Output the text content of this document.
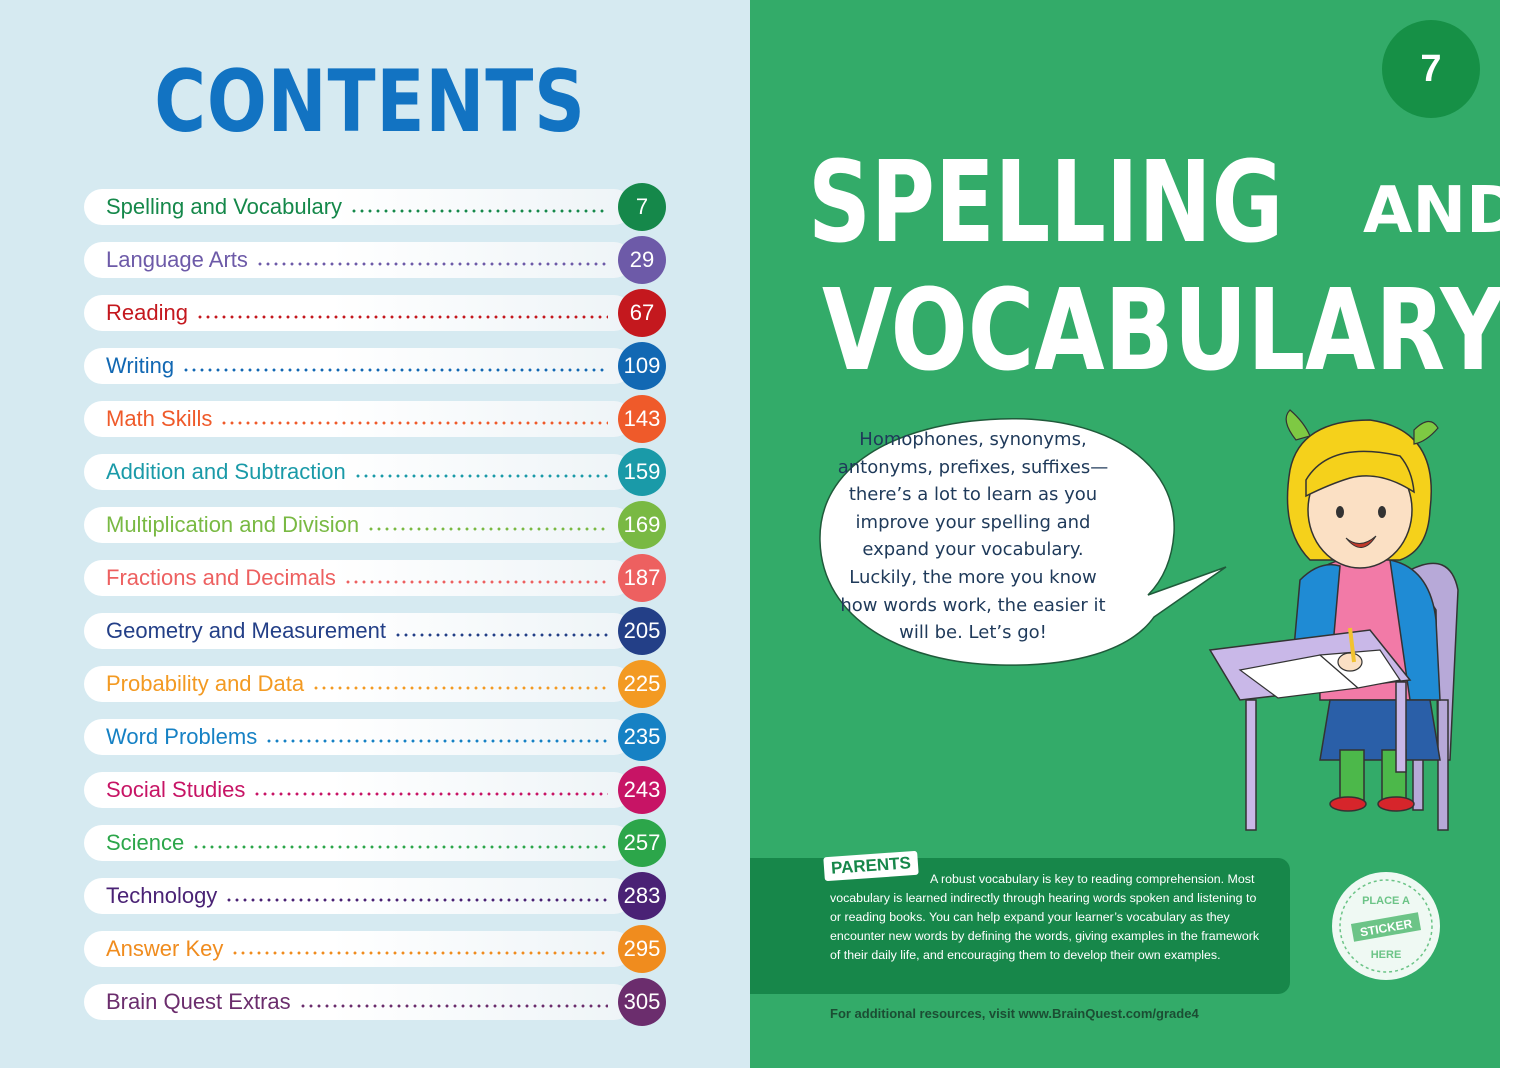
CONTENTS
Spelling and Vocabulary	7
Language Arts	29
Reading	67
Writing	109
Math Skills	143
Addition and Subtraction	159
Multiplication and Division	169
Fractions and Decimals	187
Geometry and Measurement	205
Probability and Data	225
Word Problems	235
Social Studies	243
Science	257
Technology	283
Answer Key	295
Brain Quest Extras	305
7
SPELLING AND
VOCABULARY
Homophones, synonyms, antonyms, prefixes, suffixes— there’s a lot to learn as you improve your spelling and expand your vocabulary. Luckily, the more you know how words work, the easier it will be. Let’s go!
PARENTS
A robust vocabulary is key to reading comprehension. Most vocabulary is learned indirectly through hearing words spoken and listening to or reading books. You can help expand your learner’s vocabulary as they encounter new words by defining the words, giving examples in the framework of their daily life, and encouraging them to develop their own examples.
PLACE A
STICKER
HERE
For additional resources, visit www.BrainQuest.com/grade4
